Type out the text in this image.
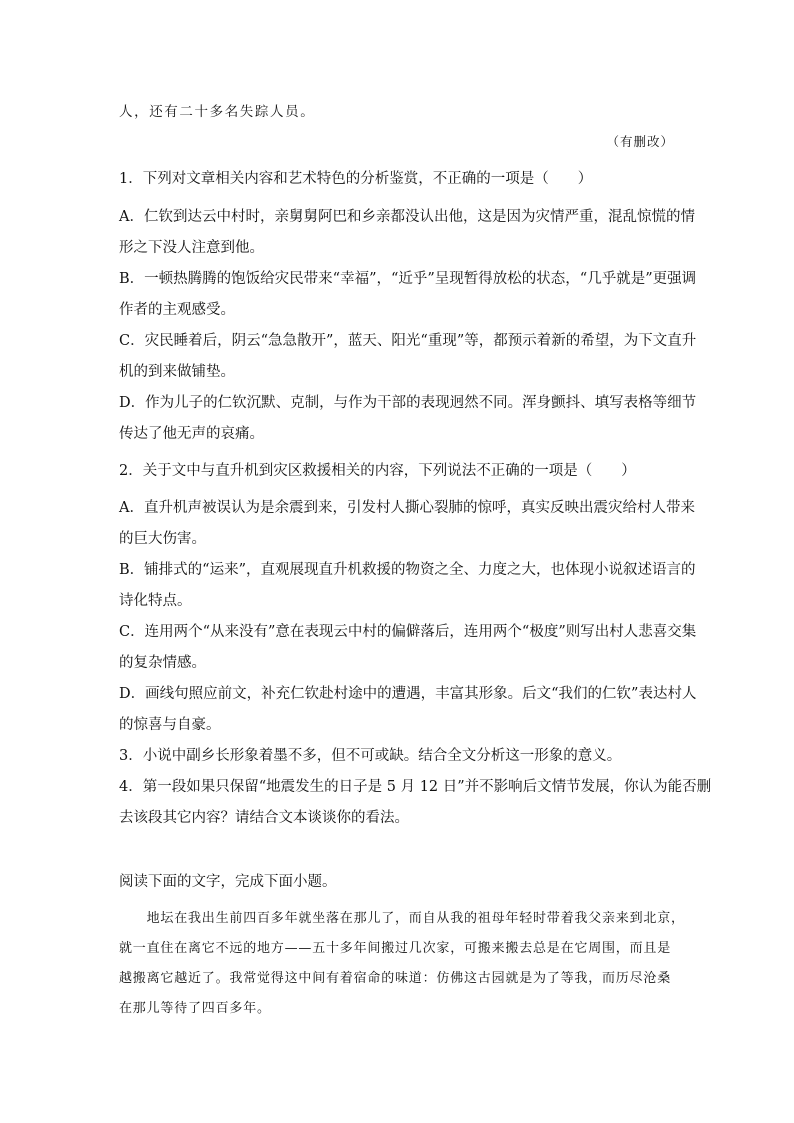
人，还有二十多名失踪人员。
（有删改）
1．下列对文章相关内容和艺术特色的分析鉴赏，不正确的一项是（　　）
A．仁钦到达云中村时，亲舅舅阿巴和乡亲都没认出他，这是因为灾情严重，混乱惊慌的情
形之下没人注意到他。
B．一顿热腾腾的饱饭给灾民带来“幸福”，“近乎”呈现暂得放松的状态，“几乎就是”更强调
作者的主观感受。
C．灾民睡着后，阴云“急急散开”，蓝天、阳光“重现”等，都预示着新的希望，为下文直升
机的到来做铺垫。
D．作为儿子的仁钦沉默、克制，与作为干部的表现迥然不同。浑身颤抖、填写表格等细节
传达了他无声的哀痛。
2．关于文中与直升机到灾区救援相关的内容，下列说法不正确的一项是（　　）
A．直升机声被误认为是余震到来，引发村人撕心裂肺的惊呼，真实反映出震灾给村人带来
的巨大伤害。
B．铺排式的“运来”，直观展现直升机救援的物资之全、力度之大，也体现小说叙述语言的
诗化特点。
C．连用两个“从来没有”意在表现云中村的偏僻落后，连用两个“极度”则写出村人悲喜交集
的复杂情感。
D．画线句照应前文，补充仁钦赴村途中的遭遇，丰富其形象。后文“我们的仁钦”表达村人
的惊喜与自豪。
3．小说中副乡长形象着墨不多，但不可或缺。结合全文分析这一形象的意义。
4．第一段如果只保留“地震发生的日子是 5 月 12 日”并不影响后文情节发展，你认为能否删
去该段其它内容？请结合文本谈谈你的看法。
阅读下面的文字，完成下面小题。
　　地坛在我出生前四百多年就坐落在那儿了，而自从我的祖母年轻时带着我父亲来到北京，
就一直住在离它不远的地方——五十多年间搬过几次家，可搬来搬去总是在它周围，而且是
越搬离它越近了。我常觉得这中间有着宿命的味道：仿佛这古园就是为了等我，而历尽沧桑
在那儿等待了四百多年。
